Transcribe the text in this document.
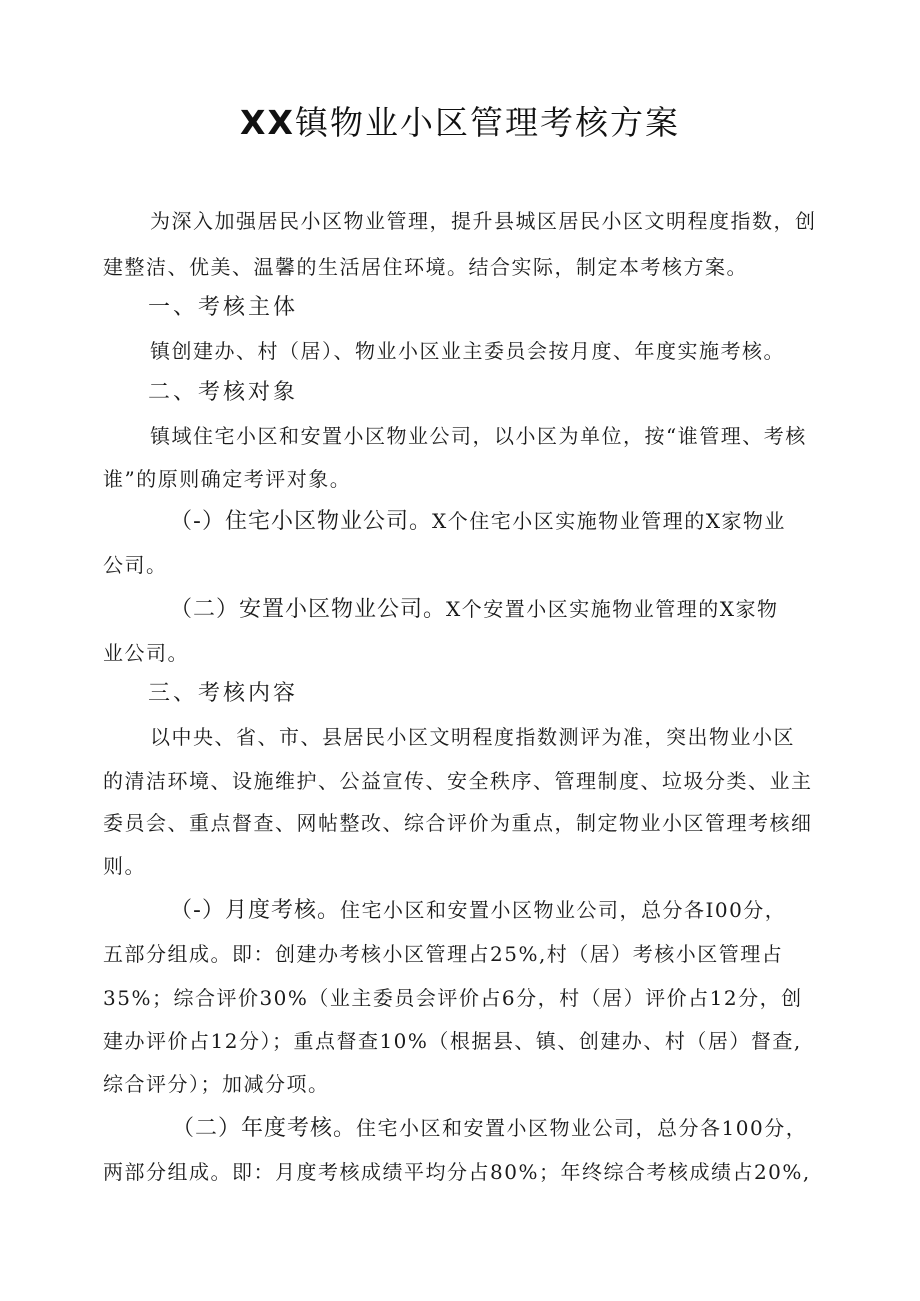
XX镇物业小区管理考核方案
为深入加强居民小区物业管理，提升县城区居民小区文明程度指数，创
建整洁、优美、温馨的生活居住环境。结合实际，制定本考核方案。
一、考核主体
镇创建办、村（居）、物业小区业主委员会按月度、年度实施考核。
二、考核对象
镇域住宅小区和安置小区物业公司，以小区为单位，按“谁管理、考核
谁”的原则确定考评对象。
（-）住宅小区物业公司。X个住宅小区实施物业管理的X家物业
公司。
（二）安置小区物业公司。X个安置小区实施物业管理的X家物
业公司。
三、考核内容
以中央、省、市、县居民小区文明程度指数测评为准，突出物业小区
的清洁环境、设施维护、公益宣传、安全秩序、管理制度、垃圾分类、业主
委员会、重点督查、网帖整改、综合评价为重点，制定物业小区管理考核细
则。
（-）月度考核。住宅小区和安置小区物业公司，总分各I00分，
五部分组成。即：创建办考核小区管理占25%,村（居）考核小区管理占
35%；综合评价30%（业主委员会评价占6分，村（居）评价占12分，创
建办评价占12分）；重点督查10%（根据县、镇、创建办、村（居）督查,
综合评分）；加减分项。
（二）年度考核。住宅小区和安置小区物业公司，总分各100分，
两部分组成。即：月度考核成绩平均分占80%；年终综合考核成绩占20%,
